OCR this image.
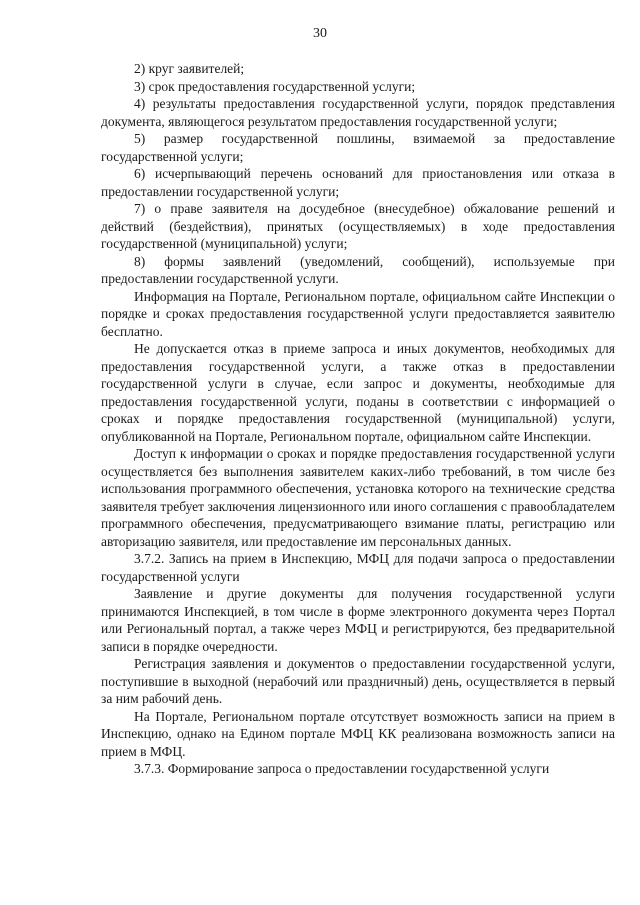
30

2) круг заявителей;

3) срок предоставления государственной услуги;

4) результаты предоставления государственной услуги, порядок представления документа, являющегося результатом предоставления государственной услуги;

5) размер государственной пошлины, взимаемой за предоставление государственной услуги;

6) исчерпывающий перечень оснований для приостановления или отказа в предоставлении государственной услуги;

7) о праве заявителя на досудебное (внесудебное) обжалование решений и действий (бездействия), принятых (осуществляемых) в ходе предоставления государственной (муниципальной) услуги;

8) формы заявлений (уведомлений, сообщений), используемые при предоставлении государственной услуги.

Информация на Портале, Региональном портале, официальном сайте Инспекции о порядке и сроках предоставления государственной услуги предоставляется заявителю бесплатно.

Не допускается отказ в приеме запроса и иных документов, необходимых для предоставления государственной услуги, а также отказ в предоставлении государственной услуги в случае, если запрос и документы, необходимые для предоставления государственной услуги, поданы в соответствии с информацией о сроках и порядке предоставления государственной (муниципальной) услуги, опубликованной на Портале, Региональном портале, официальном сайте Инспекции.

Доступ к информации о сроках и порядке предоставления государственной услуги осуществляется без выполнения заявителем каких-либо требований, в том числе без использования программного обеспечения, установка которого на технические средства заявителя требует заключения лицензионного или иного соглашения с правообладателем программного обеспечения, предусматривающего взимание платы, регистрацию или авторизацию заявителя, или предоставление им персональных данных.

3.7.2. Запись на прием в Инспекцию, МФЦ для подачи запроса о предоставлении государственной услуги

Заявление и другие документы для получения государственной услуги принимаются Инспекцией, в том числе в форме электронного документа через Портал или Региональный портал, а также через МФЦ и регистрируются, без предварительной записи в порядке очередности.

Регистрация заявления и документов о предоставлении государственной услуги, поступившие в выходной (нерабочий или праздничный) день, осуществляется в первый за ним рабочий день.

На Портале, Региональном портале отсутствует возможность записи на прием в Инспекцию, однако на Едином портале МФЦ КК реализована возможность записи на прием в МФЦ.

3.7.3. Формирование запроса о предоставлении государственной услуги
